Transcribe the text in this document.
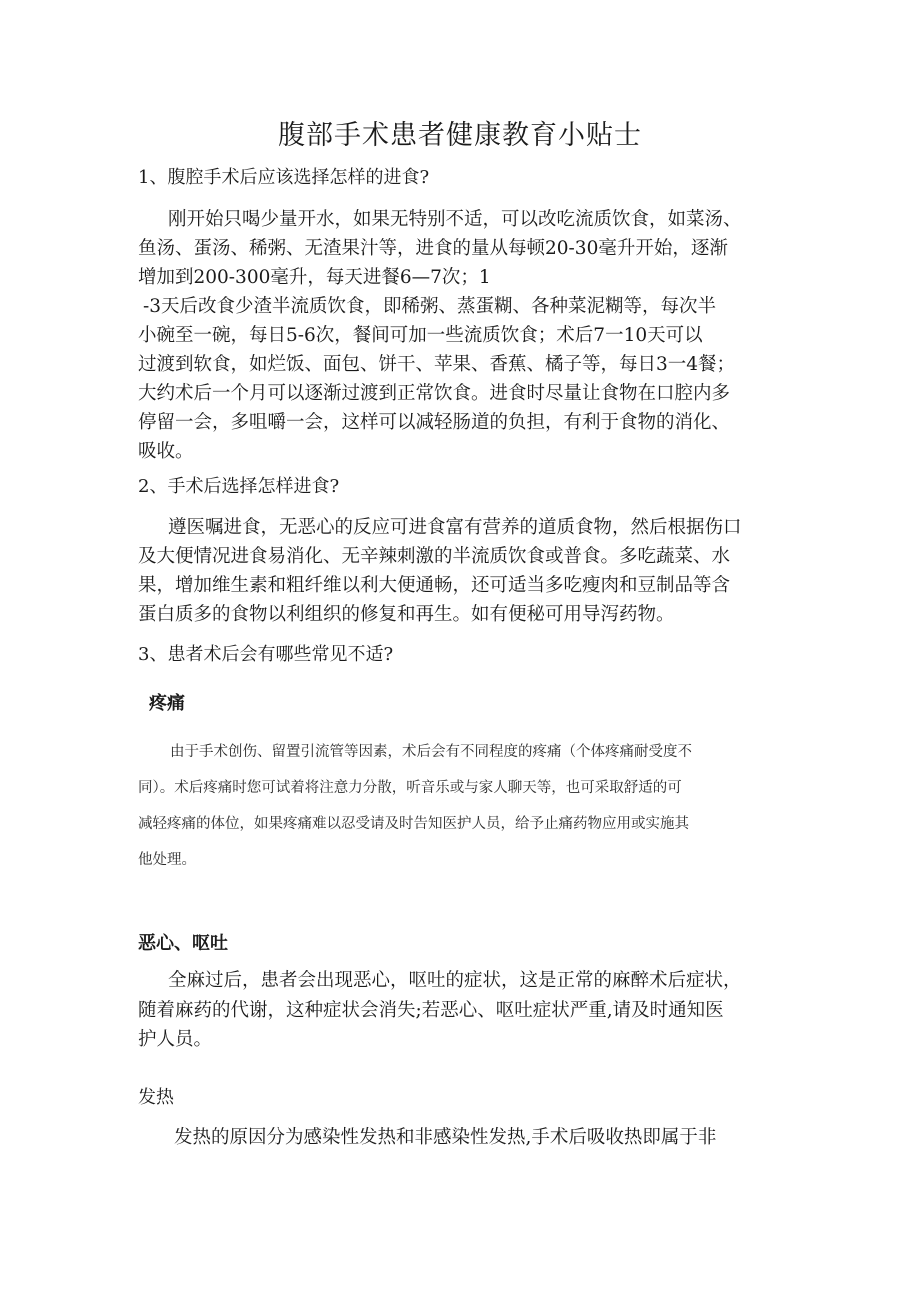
腹部手术患者健康教育小贴士
1、腹腔手术后应该选择怎样的进食?
刚开始只喝少量开水，如果无特别不适，可以改吃流质饮食，如菜汤、
鱼汤、蛋汤、稀粥、无渣果汁等，进食的量从每顿20-30毫升开始，逐渐
增加到200-300毫升，每天进餐6—7次；1
-3天后改食少渣半流质饮食，即稀粥、蒸蛋糊、各种菜泥糊等，每次半
小碗至一碗，每日5-6次，餐间可加一些流质饮食；术后7一10天可以
过渡到软食，如烂饭、面包、饼干、苹果、香蕉、橘子等，每日3一4餐；
大约术后一个月可以逐渐过渡到正常饮食。进食时尽量让食物在口腔内多
停留一会，多咀嚼一会，这样可以减轻肠道的负担，有利于食物的消化、
吸收。
2、手术后选择怎样进食?
遵医嘱进食，无恶心的反应可进食富有营养的道质食物，然后根据伤口
及大便情况进食易消化、无辛辣刺激的半流质饮食或普食。多吃蔬菜、水
果，增加维生素和粗纤维以利大便通畅，还可适当多吃瘦肉和豆制品等含
蛋白质多的食物以利组织的修复和再生。如有便秘可用导泻药物。
3、患者术后会有哪些常见不适?
疼痛
由于手术创伤、留置引流管等因素，术后会有不同程度的疼痛（个体疼痛耐受度不
同）。术后疼痛时您可试着将注意力分散，听音乐或与家人聊天等，也可采取舒适的可
减轻疼痛的体位，如果疼痛难以忍受请及时告知医护人员，给予止痛药物应用或实施其
他处理。
恶心、呕吐
全麻过后，患者会出现恶心，呕吐的症状，这是正常的麻醉术后症状，
随着麻药的代谢，这种症状会消失;若恶心、呕吐症状严重,请及时通知医
护人员。
发热
发热的原因分为感染性发热和非感染性发热,手术后吸收热即属于非
